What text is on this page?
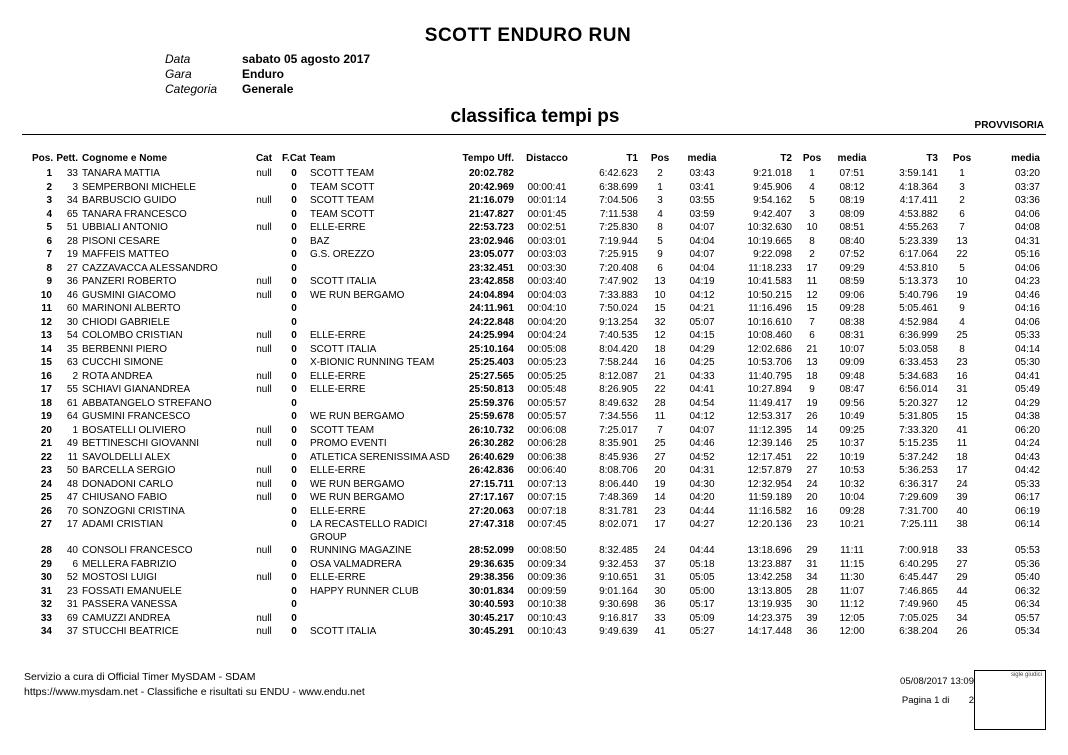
SCOTT ENDURO RUN
Data	sabato 05 agosto 2017
Gara	Enduro
Categoria	Generale
classifica tempi ps	PROVVISORIA
Pos.	Pett.	Cognome e Nome	Cat	F.Cat	Team	Tempo Uff.	Distacco	T1	Pos	media	T2	Pos	media	T3	Pos	media
1	33	TANARA MATTIA	null	0	SCOTT TEAM	20:02.782		6:42.623	2	03:43	9:21.018	1	07:51	3:59.141	1	03:20
2	3	SEMPERBONI MICHELE		0	TEAM SCOTT	20:42.969	00:00:41	6:38.699	1	03:41	9:45.906	4	08:12	4:18.364	3	03:37
3	34	BARBUSCIO GUIDO	null	0	SCOTT TEAM	21:16.079	00:01:14	7:04.506	3	03:55	9:54.162	5	08:19	4:17.411	2	03:36
4	65	TANARA FRANCESCO		0	TEAM SCOTT	21:47.827	00:01:45	7:11.538	4	03:59	9:42.407	3	08:09	4:53.882	6	04:06
5	51	UBBIALI ANTONIO	null	0	ELLE-ERRE	22:53.723	00:02:51	7:25.830	8	04:07	10:32.630	10	08:51	4:55.263	7	04:08
6	28	PISONI CESARE		0	BAZ	23:02.946	00:03:01	7:19.944	5	04:04	10:19.665	8	08:40	5:23.339	13	04:31
7	19	MAFFEIS MATTEO		0	G.S. OREZZO	23:05.077	00:03:03	7:25.915	9	04:07	9:22.098	2	07:52	6:17.064	22	05:16
8	27	CAZZAVACCA ALESSANDRO		0		23:32.451	00:03:30	7:20.408	6	04:04	11:18.233	17	09:29	4:53.810	5	04:06
9	36	PANZERI ROBERTO	null	0	SCOTT ITALIA	23:42.858	00:03:40	7:47.902	13	04:19	10:41.583	11	08:59	5:13.373	10	04:23
10	46	GUSMINI GIACOMO	null	0	WE RUN BERGAMO	24:04.894	00:04:03	7:33.883	10	04:12	10:50.215	12	09:06	5:40.796	19	04:46
11	60	MARINONI ALBERTO		0		24:11.961	00:04:10	7:50.024	15	04:21	11:16.496	15	09:28	5:05.461	9	04:16
12	30	CHIODI GABRIELE		0		24:22.848	00:04:20	9:13.254	32	05:07	10:16.610	7	08:38	4:52.984	4	04:06
13	54	COLOMBO CRISTIAN	null	0	ELLE-ERRE	24:25.994	00:04:24	7:40.535	12	04:15	10:08.460	6	08:31	6:36.999	25	05:33
14	35	BERBENNI PIERO	null	0	SCOTT ITALIA	25:10.164	00:05:08	8:04.420	18	04:29	12:02.686	21	10:07	5:03.058	8	04:14
15	63	CUCCHI SIMONE		0	X-BIONIC RUNNING TEAM	25:25.403	00:05:23	7:58.244	16	04:25	10:53.706	13	09:09	6:33.453	23	05:30
16	2	ROTA ANDREA	null	0	ELLE-ERRE	25:27.565	00:05:25	8:12.087	21	04:33	11:40.795	18	09:48	5:34.683	16	04:41
17	55	SCHIAVI GIANANDREA	null	0	ELLE-ERRE	25:50.813	00:05:48	8:26.905	22	04:41	10:27.894	9	08:47	6:56.014	31	05:49
18	61	ABBATANGELO STREFANO		0		25:59.376	00:05:57	8:49.632	28	04:54	11:49.417	19	09:56	5:20.327	12	04:29
19	64	GUSMINI FRANCESCO		0	WE RUN BERGAMO	25:59.678	00:05:57	7:34.556	11	04:12	12:53.317	26	10:49	5:31.805	15	04:38
20	1	BOSATELLI OLIVIERO	null	0	SCOTT TEAM	26:10.732	00:06:08	7:25.017	7	04:07	11:12.395	14	09:25	7:33.320	41	06:20
21	49	BETTINESCHI GIOVANNI	null	0	PROMO EVENTI	26:30.282	00:06:28	8:35.901	25	04:46	12:39.146	25	10:37	5:15.235	11	04:24
22	11	SAVOLDELLI ALEX		0	ATLETICA SERENISSIMA ASD	26:40.629	00:06:38	8:45.936	27	04:52	12:17.451	22	10:19	5:37.242	18	04:43
23	50	BARCELLA SERGIO	null	0	ELLE-ERRE	26:42.836	00:06:40	8:08.706	20	04:31	12:57.879	27	10:53	5:36.253	17	04:42
24	48	DONADONI CARLO	null	0	WE RUN BERGAMO	27:15.711	00:07:13	8:06.440	19	04:30	12:32.954	24	10:32	6:36.317	24	05:33
25	47	CHIUSANO FABIO	null	0	WE RUN BERGAMO	27:17.167	00:07:15	7:48.369	14	04:20	11:59.189	20	10:04	7:29.609	39	06:17
26	70	SONZOGNI CRISTINA		0	ELLE-ERRE	27:20.063	00:07:18	8:31.781	23	04:44	11:16.582	16	09:28	7:31.700	40	06:19
27	17	ADAMI CRISTIAN		0	LA RECASTELLO RADICI GROUP	27:47.318	00:07:45	8:02.071	17	04:27	12:20.136	23	10:21	7:25.111	38	06:14
28	40	CONSOLI FRANCESCO	null	0	RUNNING MAGAZINE	28:52.099	00:08:50	8:32.485	24	04:44	13:18.696	29	11:11	7:00.918	33	05:53
29	6	MELLERA FABRIZIO		0	OSA VALMADRERA	29:36.635	00:09:34	9:32.453	37	05:18	13:23.887	31	11:15	6:40.295	27	05:36
30	52	MOSTOSI LUIGI	null	0	ELLE-ERRE	29:38.356	00:09:36	9:10.651	31	05:05	13:42.258	34	11:30	6:45.447	29	05:40
31	23	FOSSATI EMANUELE		0	HAPPY RUNNER CLUB	30:01.834	00:09:59	9:01.164	30	05:00	13:13.805	28	11:07	7:46.865	44	06:32
32	31	PASSERA VANESSA		0		30:40.593	00:10:38	9:30.698	36	05:17	13:19.935	30	11:12	7:49.960	45	06:34
33	69	CAMUZZI ANDREA	null	0		30:45.217	00:10:43	9:16.817	33	05:09	14:23.375	39	12:05	7:05.025	34	05:57
34	37	STUCCHI BEATRICE	null	0	SCOTT ITALIA	30:45.291	00:10:43	9:49.639	41	05:27	14:17.448	36	12:00	6:38.204	26	05:34
Servizio a cura di Official Timer MySDAM - SDAM
https://www.mysdam.net - Classifiche e risultati su ENDU - www.endu.net
05/08/2017 13:09
Pagina 1 di 2
sigle giudici
